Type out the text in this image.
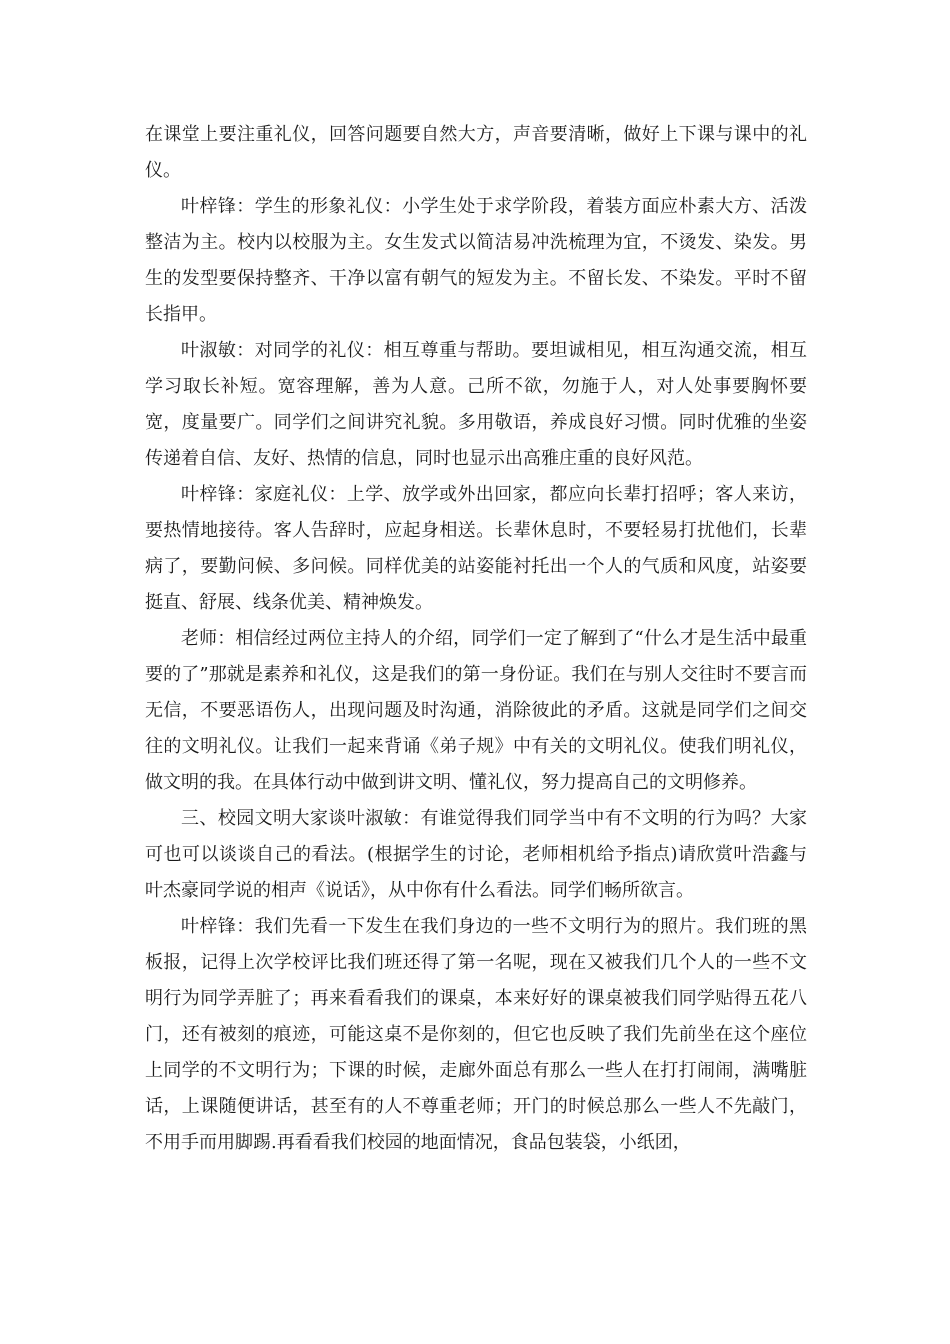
在课堂上要注重礼仪，回答问题要自然大方，声音要清晰，做好上下课与课中的礼仪。

叶梓锋：学生的形象礼仪：小学生处于求学阶段，着装方面应朴素大方、活泼整洁为主。校内以校服为主。女生发式以简洁易冲洗梳理为宜，不烫发、染发。男生的发型要保持整齐、干净以富有朝气的短发为主。不留长发、不染发。平时不留长指甲。

叶淑敏：对同学的礼仪：相互尊重与帮助。要坦诚相见，相互沟通交流，相互学习取长补短。宽容理解，善为人意。己所不欲，勿施于人，对人处事要胸怀要宽，度量要广。同学们之间讲究礼貌。多用敬语，养成良好习惯。同时优雅的坐姿传递着自信、友好、热情的信息，同时也显示出高雅庄重的良好风范。

叶梓锋：家庭礼仪：上学、放学或外出回家，都应向长辈打招呼；客人来访，要热情地接待。客人告辞时，应起身相送。长辈休息时，不要轻易打扰他们，长辈病了，要勤问候、多问候。同样优美的站姿能衬托出一个人的气质和风度，站姿要挺直、舒展、线条优美、精神焕发。

老师：相信经过两位主持人的介绍，同学们一定了解到了“什么才是生活中最重要的了”那就是素养和礼仪，这是我们的第一身份证。我们在与别人交往时不要言而无信，不要恶语伤人，出现问题及时沟通，消除彼此的矛盾。这就是同学们之间交往的文明礼仪。让我们一起来背诵《弟子规》中有关的文明礼仪。使我们明礼仪，做文明的我。在具体行动中做到讲文明、懂礼仪，努力提高自己的文明修养。

三、校园文明大家谈叶淑敏：有谁觉得我们同学当中有不文明的行为吗？大家可也可以谈谈自己的看法。(根据学生的讨论，老师相机给予指点)请欣赏叶浩鑫与叶杰豪同学说的相声《说话》，从中你有什么看法。同学们畅所欲言。

叶梓锋：我们先看一下发生在我们身边的一些不文明行为的照片。我们班的黑板报，记得上次学校评比我们班还得了第一名呢，现在又被我们几个人的一些不文明行为同学弄脏了；再来看看我们的课桌，本来好好的课桌被我们同学贴得五花八门，还有被刻的痕迹，可能这桌不是你刻的，但它也反映了我们先前坐在这个座位上同学的不文明行为；下课的时候，走廊外面总有那么一些人在打打闹闹，满嘴脏话，上课随便讲话，甚至有的人不尊重老师；开门的时候总那么一些人不先敲门，不用手而用脚踢.再看看我们校园的地面情况，食品包装袋，小纸团，
